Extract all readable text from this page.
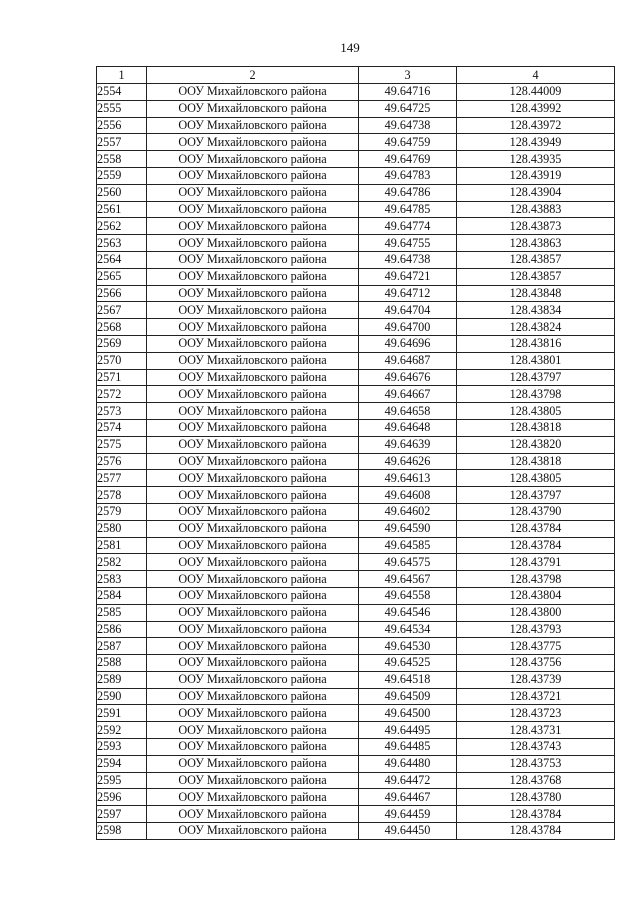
149
1	2	3	4
2554	ООУ Михайловского района	49.64716	128.44009
2555	ООУ Михайловского района	49.64725	128.43992
2556	ООУ Михайловского района	49.64738	128.43972
2557	ООУ Михайловского района	49.64759	128.43949
2558	ООУ Михайловского района	49.64769	128.43935
2559	ООУ Михайловского района	49.64783	128.43919
2560	ООУ Михайловского района	49.64786	128.43904
2561	ООУ Михайловского района	49.64785	128.43883
2562	ООУ Михайловского района	49.64774	128.43873
2563	ООУ Михайловского района	49.64755	128.43863
2564	ООУ Михайловского района	49.64738	128.43857
2565	ООУ Михайловского района	49.64721	128.43857
2566	ООУ Михайловского района	49.64712	128.43848
2567	ООУ Михайловского района	49.64704	128.43834
2568	ООУ Михайловского района	49.64700	128.43824
2569	ООУ Михайловского района	49.64696	128.43816
2570	ООУ Михайловского района	49.64687	128.43801
2571	ООУ Михайловского района	49.64676	128.43797
2572	ООУ Михайловского района	49.64667	128.43798
2573	ООУ Михайловского района	49.64658	128.43805
2574	ООУ Михайловского района	49.64648	128.43818
2575	ООУ Михайловского района	49.64639	128.43820
2576	ООУ Михайловского района	49.64626	128.43818
2577	ООУ Михайловского района	49.64613	128.43805
2578	ООУ Михайловского района	49.64608	128.43797
2579	ООУ Михайловского района	49.64602	128.43790
2580	ООУ Михайловского района	49.64590	128.43784
2581	ООУ Михайловского района	49.64585	128.43784
2582	ООУ Михайловского района	49.64575	128.43791
2583	ООУ Михайловского района	49.64567	128.43798
2584	ООУ Михайловского района	49.64558	128.43804
2585	ООУ Михайловского района	49.64546	128.43800
2586	ООУ Михайловского района	49.64534	128.43793
2587	ООУ Михайловского района	49.64530	128.43775
2588	ООУ Михайловского района	49.64525	128.43756
2589	ООУ Михайловского района	49.64518	128.43739
2590	ООУ Михайловского района	49.64509	128.43721
2591	ООУ Михайловского района	49.64500	128.43723
2592	ООУ Михайловского района	49.64495	128.43731
2593	ООУ Михайловского района	49.64485	128.43743
2594	ООУ Михайловского района	49.64480	128.43753
2595	ООУ Михайловского района	49.64472	128.43768
2596	ООУ Михайловского района	49.64467	128.43780
2597	ООУ Михайловского района	49.64459	128.43784
2598	ООУ Михайловского района	49.64450	128.43784
